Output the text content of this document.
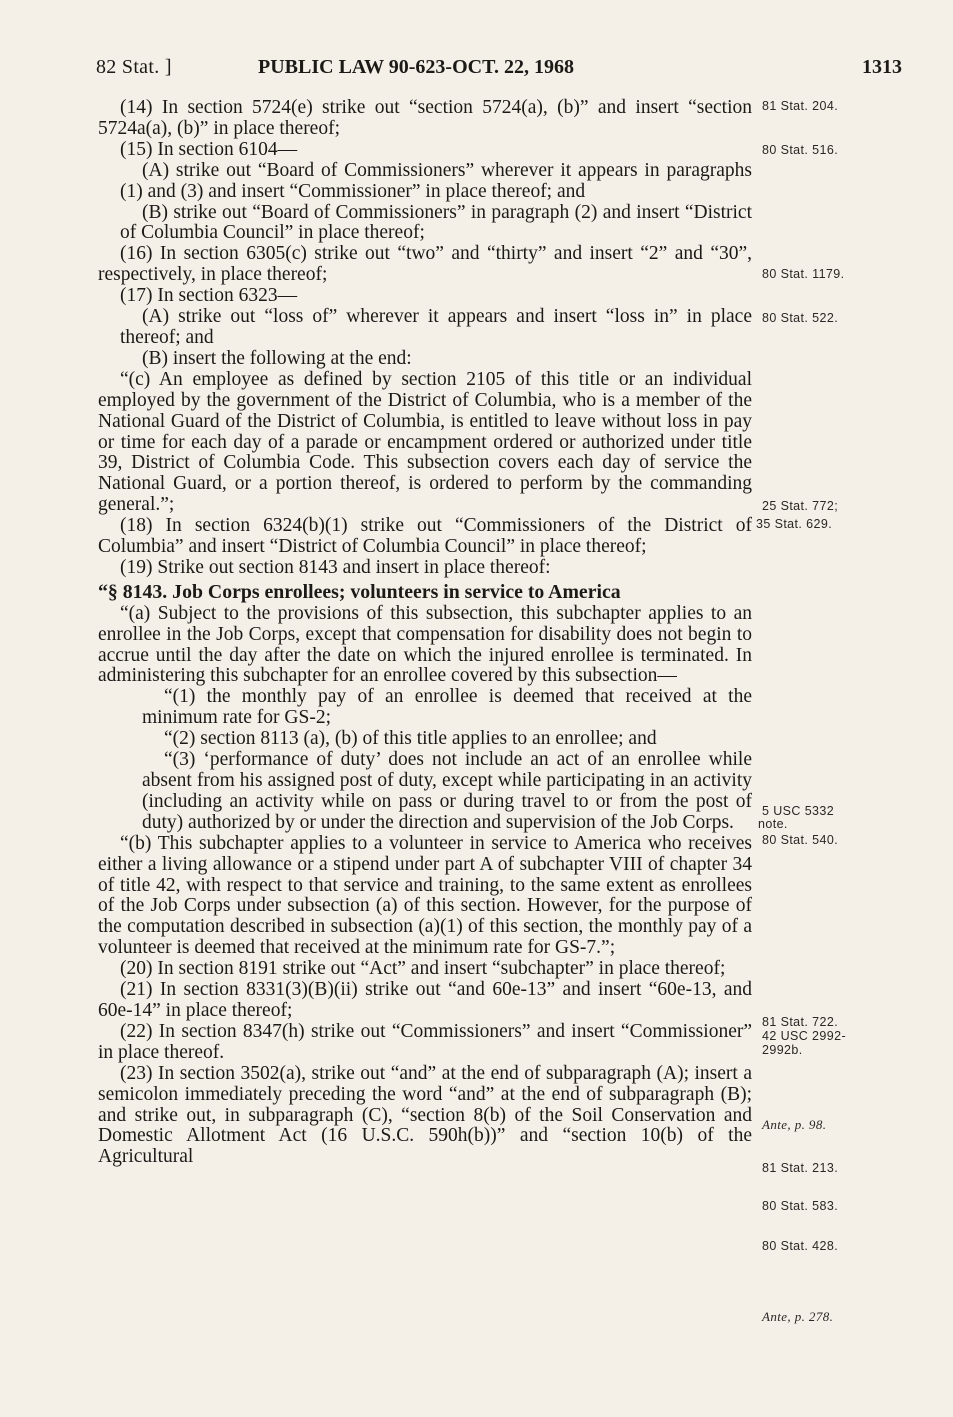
82 Stat. ]	PUBLIC LAW 90-623-OCT. 22, 1968	1313

(14) In section 5724(e) strike out “section 5724(a), (b)” and insert “section 5724a(a), (b)” in place thereof;

(15) In section 6104—

(A) strike out “Board of Commissioners” wherever it appears in paragraphs (1) and (3) and insert “Commissioner” in place thereof; and

(B) strike out “Board of Commissioners” in paragraph (2) and insert “District of Columbia Council” in place thereof;

(16) In section 6305(c) strike out “two” and “thirty” and insert “2” and “30”, respectively, in place thereof;

(17) In section 6323—

(A) strike out “loss of” wherever it appears and insert “loss in” in place thereof; and

(B) insert the following at the end:

“(c) An employee as defined by section 2105 of this title or an individual employed by the government of the District of Columbia, who is a member of the National Guard of the District of Columbia, is entitled to leave without loss in pay or time for each day of a parade or encampment ordered or authorized under title 39, District of Columbia Code. This subsection covers each day of service the National Guard, or a portion thereof, is ordered to perform by the commanding general.”;

(18) In section 6324(b)(1) strike out “Commissioners of the District of Columbia” and insert “District of Columbia Council” in place thereof;

(19) Strike out section 8143 and insert in place thereof:

“§ 8143. Job Corps enrollees; volunteers in service to America

“(a) Subject to the provisions of this subsection, this subchapter applies to an enrollee in the Job Corps, except that compensation for disability does not begin to accrue until the day after the date on which the injured enrollee is terminated. In administering this subchapter for an enrollee covered by this subsection—

“(1) the monthly pay of an enrollee is deemed that received at the minimum rate for GS-2;

“(2) section 8113 (a), (b) of this title applies to an enrollee; and

“(3) ‘performance of duty’ does not include an act of an enrollee while absent from his assigned post of duty, except while participating in an activity (including an activity while on pass or during travel to or from the post of duty) authorized by or under the direction and supervision of the Job Corps.

“(b) This subchapter applies to a volunteer in service to America who receives either a living allowance or a stipend under part A of subchapter VIII of chapter 34 of title 42, with respect to that service and training, to the same extent as enrollees of the Job Corps under subsection (a) of this section. However, for the purpose of the computation described in subsection (a)(1) of this section, the monthly pay of a volunteer is deemed that received at the minimum rate for GS-7.”;

(20) In section 8191 strike out “Act” and insert “subchapter” in place thereof;

(21) In section 8331(3)(B)(ii) strike out “and 60e-13” and insert “60e-13, and 60e-14” in place thereof;

(22) In section 8347(h) strike out “Commissioners” and insert “Commissioner” in place thereof.

(23) In section 3502(a), strike out “and” at the end of subparagraph (A); insert a semicolon immediately preceding the word “and” at the end of subparagraph (B); and strike out, in subparagraph (C), “section 8(b) of the Soil Conservation and Domestic Allotment Act (16 U.S.C. 590h(b))” and “section 10(b) of the Agricultural

81 Stat. 204.
80 Stat. 516.
80 Stat. 1179.
80 Stat. 522.
25 Stat. 772;
35 Stat. 629.
5 USC 5332
note.
80 Stat. 540.
81 Stat. 722.
42 USC 2992-
2992b.
Ante, p. 98.
81 Stat. 213.
80 Stat. 583.
80 Stat. 428.
Ante, p. 278.
